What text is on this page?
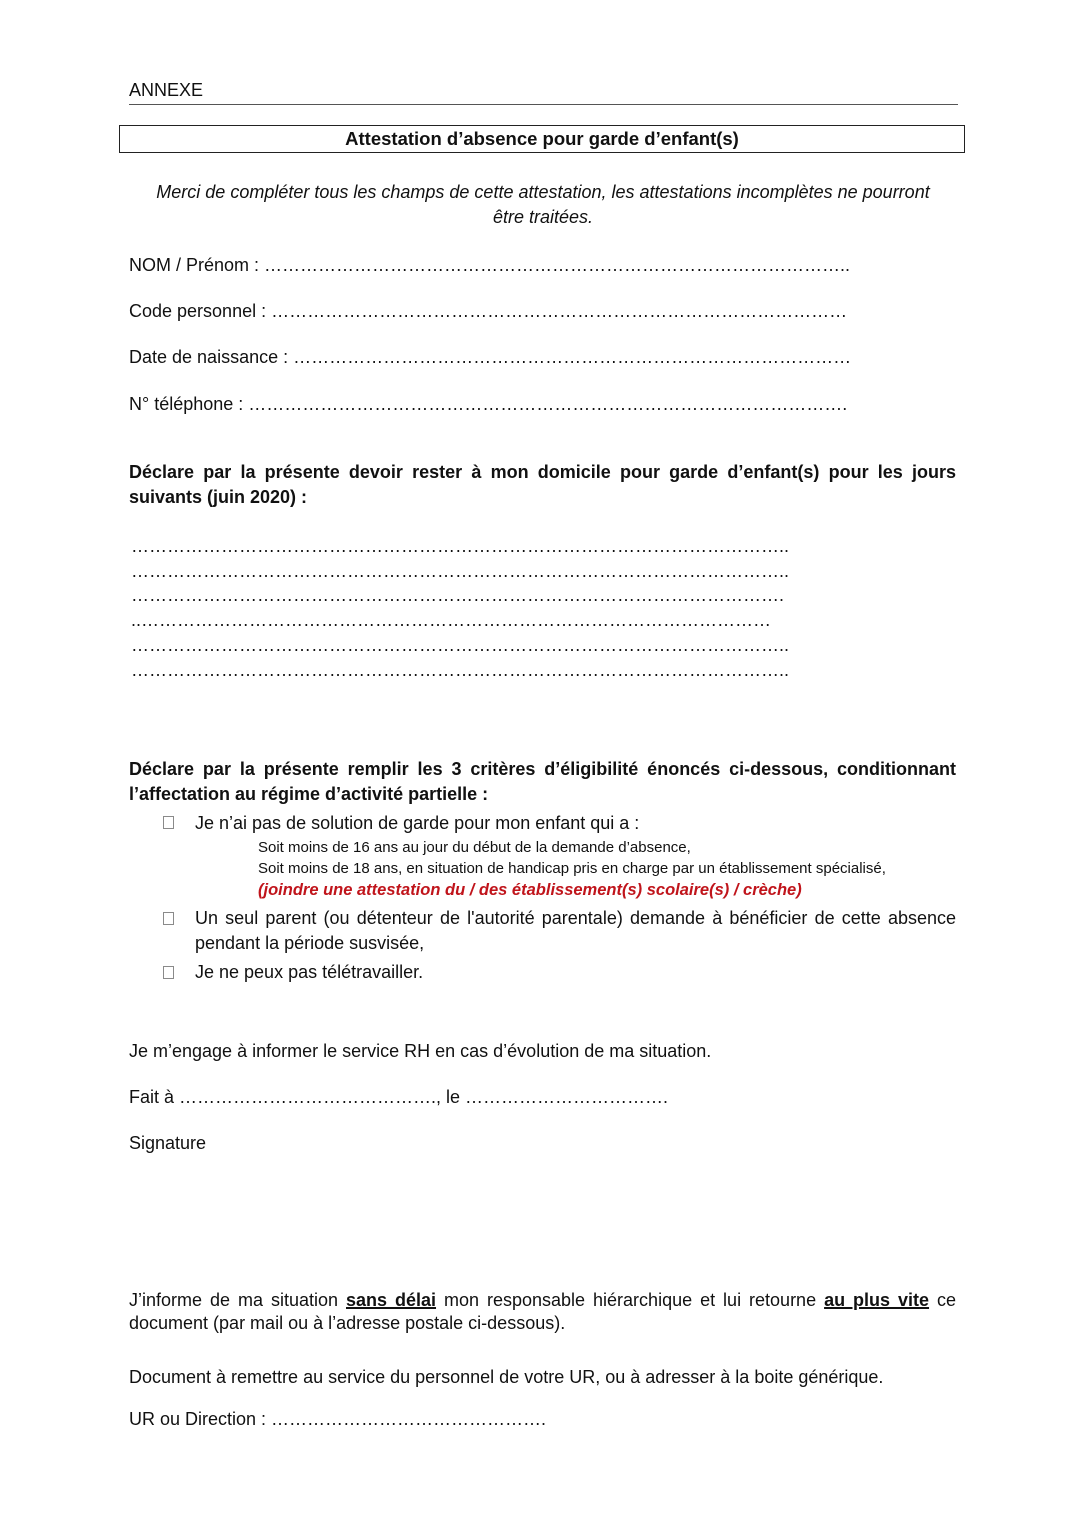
ANNEXE
Attestation d’absence pour garde d’enfant(s)
Merci de compléter tous les champs de cette attestation, les attestations incomplètes ne pourront être traitées.
NOM / Prénom : ……………………………………………………………………………………..
Code personnel : ……………………………………………………………………………………
Date de naissance : …………………………………………………………………………………
N° téléphone : ……………………………………………………………………………………….
Déclare par la présente devoir rester à mon domicile pour garde d’enfant(s) pour les jours suivants (juin 2020) :
………………………………………………………………………………………………..
………………………………………………………………………………………………..
……………………………………………………………………………………………….
..……………………………………………………………………………………………
………………………………………………………………………………………………..
………………………………………………………………………………………………..
Déclare par la présente remplir les 3 critères d’éligibilité énoncés ci-dessous, conditionnant l’affectation au régime d’activité partielle :
Je n’ai pas de solution de garde pour mon enfant qui a :
Soit moins de 16 ans au jour du début de la demande d’absence,
Soit moins de 18 ans, en situation de handicap pris en charge par un établissement spécialisé,
(joindre une attestation du / des établissement(s) scolaire(s) / crèche)
Un seul parent (ou détenteur de l'autorité parentale) demande à bénéficier de cette absence pendant la période susvisée,
Je ne peux pas télétravailler.
Je m’engage à informer le service RH en cas d’évolution de ma situation.
Fait à ……………………………………., le …………………………….
Signature
J’informe de ma situation sans délai mon responsable hiérarchique et lui retourne au plus vite ce document (par mail ou à l’adresse postale ci-dessous).
Document à remettre au service du personnel de votre UR, ou à adresser à la boite générique.
UR ou Direction : ……………………………………….
